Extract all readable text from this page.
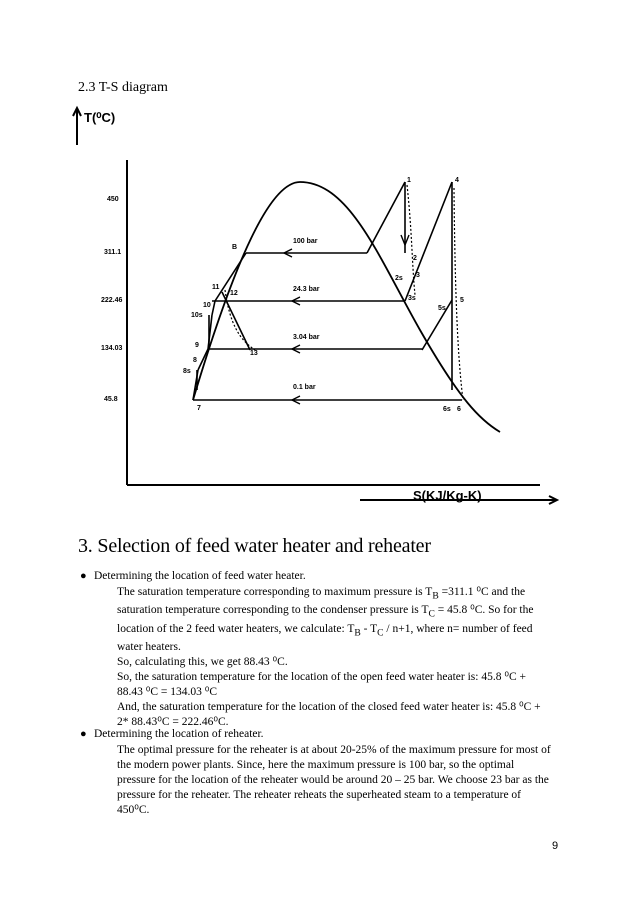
2.3 T-S diagram
T(⁰C)
S(KJ/Kg-K)
450
311.1
222.46
134.03
45.8
100 bar
24.3 bar
3.04 bar
0.1 bar
1
2
2s 3
3s
4
5
5s
6
6s
7
8
8s
9
10
10s
11
12
13
B
3. Selection of feed water heater and reheater
● Determining the location of feed water heater.
The saturation temperature corresponding to maximum pressure is $T_B =311.1$ ⁰C and the
saturation temperature corresponding to the condenser pressure is $T_C = 45.8$ ⁰C. So for the
location of the 2 feed water heaters, we calculate: $T_B - T_C / n+1$, where n= number of feed
water heaters.
So, calculating this, we get 88.43 ⁰C.
So, the saturation temperature for the location of the open feed water heater is: 45.8 ⁰C +
88.43 ⁰C = 134.03 ⁰C
And, the saturation temperature for the location of the closed feed water heater is: 45.8 ⁰C +
2* 88.43⁰C = 222.46⁰C.
● Determining the location of reheater.
The optimal pressure for the reheater is at about 20-25% of the maximum pressure for most of
the modern power plants. Since, here the maximum pressure is 100 bar, so the optimal
pressure for the location of the reheater would be around 20 – 25 bar. We choose 23 bar as the
pressure for the reheater. The reheater reheats the superheated steam to a temperature of
450⁰C.
9
